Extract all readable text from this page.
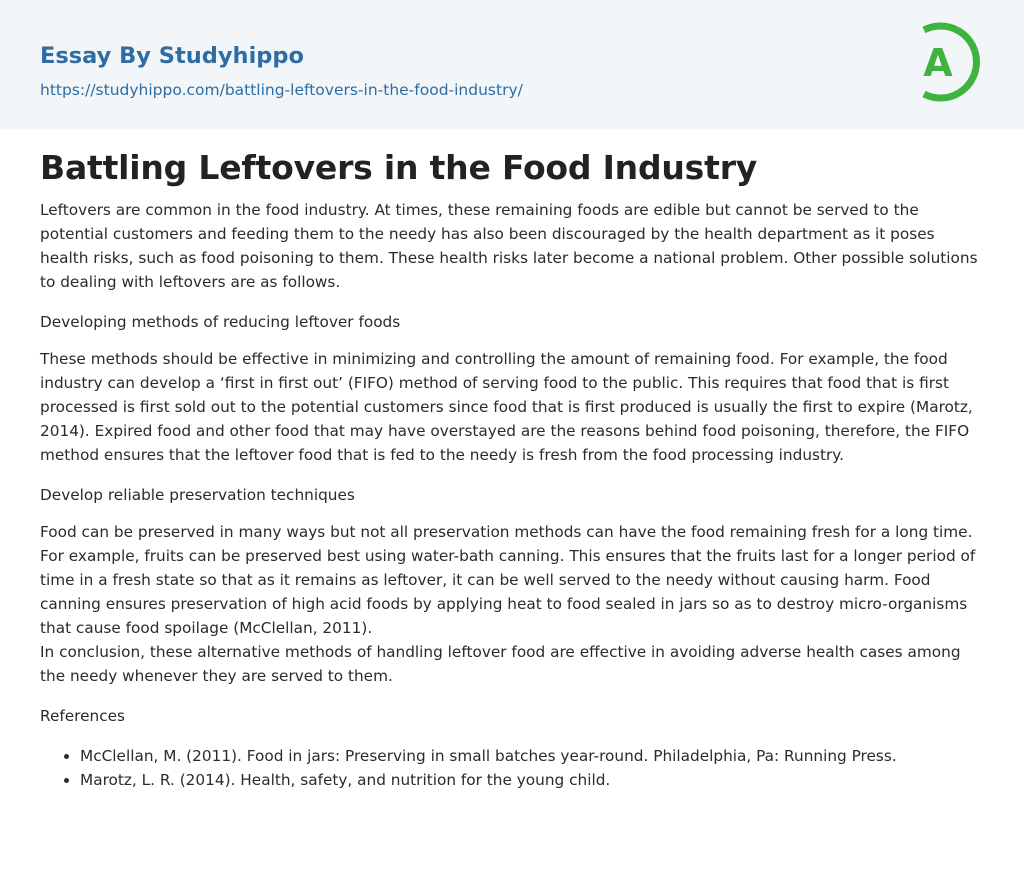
Essay By Studyhippo
https://studyhippo.com/battling-leftovers-in-the-food-industry/
A
Battling Leftovers in the Food Industry

Leftovers are common in the food industry. At times, these remaining foods are edible but cannot be served to the potential customers and feeding them to the needy has also been discouraged by the health department as it poses health risks, such as food poisoning to them. These health risks later become a national problem. Other possible solutions to dealing with leftovers are as follows.

Developing methods of reducing leftover foods

These methods should be effective in minimizing and controlling the amount of remaining food. For example, the food industry can develop a ‘first in first out’ (FIFO) method of serving food to the public. This requires that food that is first processed is first sold out to the potential customers since food that is first produced is usually the first to expire (Marotz, 2014). Expired food and other food that may have overstayed are the reasons behind food poisoning, therefore, the FIFO method ensures that the leftover food that is fed to the needy is fresh from the food processing industry.

Develop reliable preservation techniques

Food can be preserved in many ways but not all preservation methods can have the food remaining fresh for a long time. For example, fruits can be preserved best using water-bath canning. This ensures that the fruits last for a longer period of time in a fresh state so that as it remains as leftover, it can be well served to the needy without causing harm. Food canning ensures preservation of high acid foods by applying heat to food sealed in jars so as to destroy micro-organisms that cause food spoilage (McClellan, 2011).

In conclusion, these alternative methods of handling leftover food are effective in avoiding adverse health cases among the needy whenever they are served to them.

References

• McClellan, M. (2011). Food in jars: Preserving in small batches year-round. Philadelphia, Pa: Running Press.
• Marotz, L. R. (2014). Health, safety, and nutrition for the young child.
